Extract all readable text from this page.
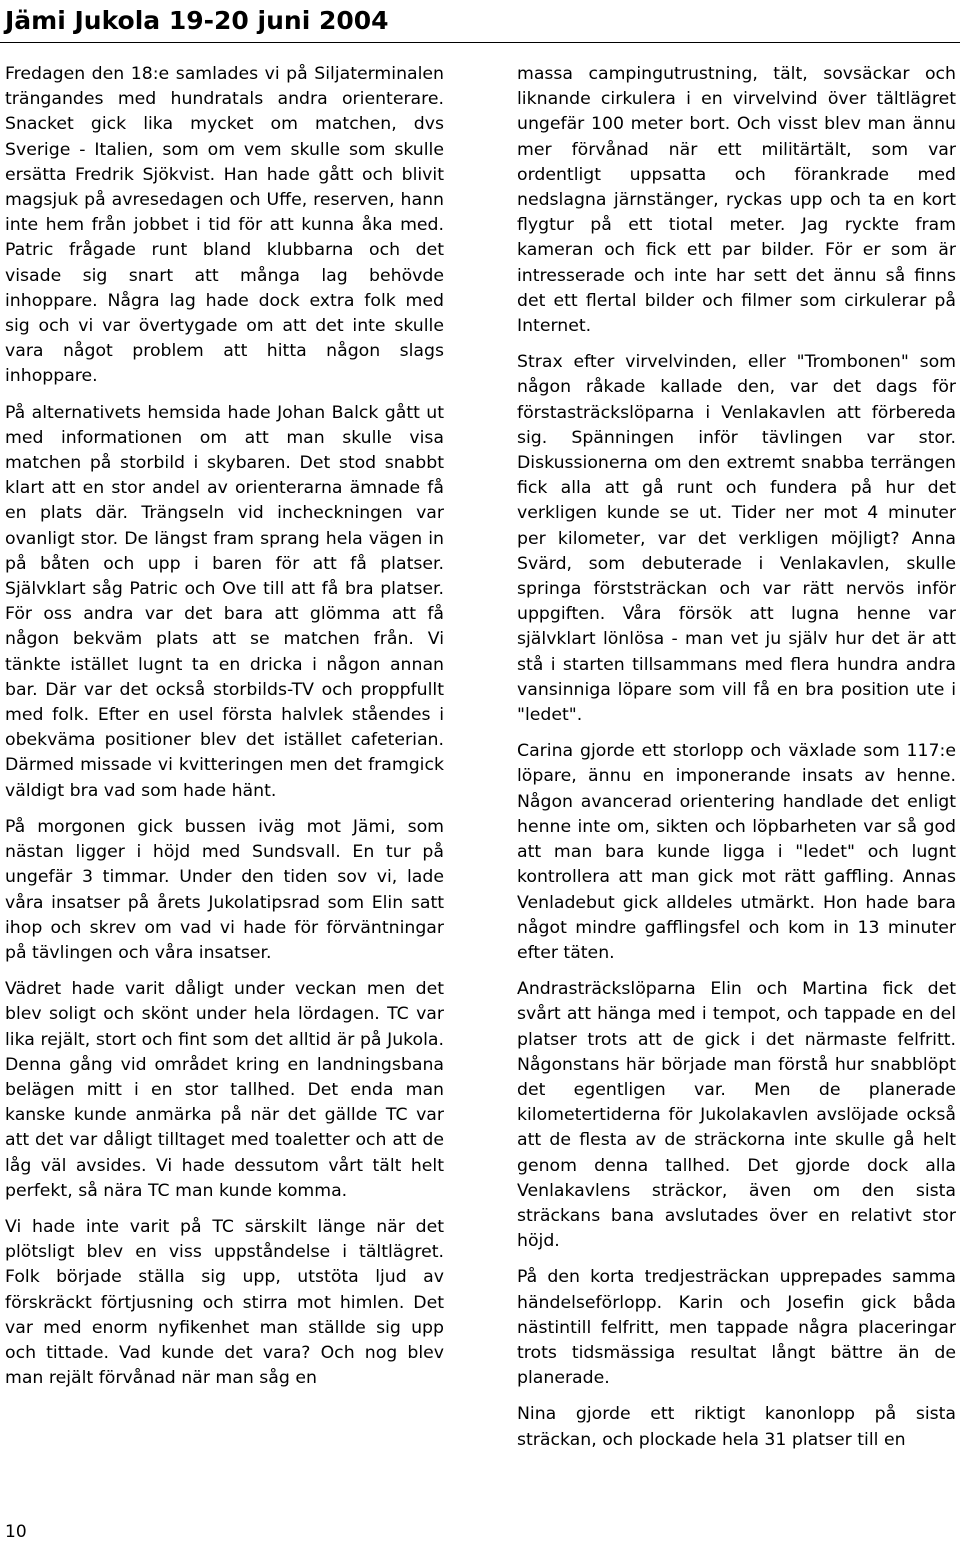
Jämi Jukola 19-20 juni 2004

Fredagen den 18:e samlades vi på Siljaterminalen trängandes med hundratals andra orienterare. Snacket gick lika mycket om matchen, dvs Sverige - Italien, som om vem skulle som skulle ersätta Fredrik Sjökvist. Han hade gått och blivit magsjuk på avresedagen och Uffe, reserven, hann inte hem från jobbet i tid för att kunna åka med. Patric frågade runt bland klubbarna och det visade sig snart att många lag behövde inhoppare. Några lag hade dock extra folk med sig och vi var övertygade om att det inte skulle vara något problem att hitta någon slags inhoppare.

På alternativets hemsida hade Johan Balck gått ut med informationen om att man skulle visa matchen på storbild i skybaren. Det stod snabbt klart att en stor andel av orienterarna ämnade få en plats där. Trängseln vid incheckningen var ovanligt stor. De längst fram sprang hela vägen in på båten och upp i baren för att få platser. Självklart såg Patric och Ove till att få bra platser. För oss andra var det bara att glömma att få någon bekväm plats att se matchen från. Vi tänkte istället lugnt ta en dricka i någon annan bar. Där var det också storbilds-TV och proppfullt med folk. Efter en usel första halvlek ståendes i obekväma positioner blev det istället cafeterian. Därmed missade vi kvitteringen men det framgick väldigt bra vad som hade hänt.

På morgonen gick bussen iväg mot Jämi, som nästan ligger i höjd med Sundsvall. En tur på ungefär 3 timmar. Under den tiden sov vi, lade våra insatser på årets Jukolatipsrad som Elin satt ihop och skrev om vad vi hade för förväntningar på tävlingen och våra insatser.

Vädret hade varit dåligt under veckan men det blev soligt och skönt under hela lördagen. TC var lika rejält, stort och fint som det alltid är på Jukola. Denna gång vid området kring en landningsbana belägen mitt i en stor tallhed. Det enda man kanske kunde anmärka på när det gällde TC var att det var dåligt tilltaget med toaletter och att de låg väl avsides. Vi hade dessutom vårt tält helt perfekt, så nära TC man kunde komma.

Vi hade inte varit på TC särskilt länge när det plötsligt blev en viss uppståndelse i tältlägret. Folk började ställa sig upp, utstöta ljud av förskräckt förtjusning och stirra mot himlen. Det var med enorm nyfikenhet man ställde sig upp och tittade. Vad kunde det vara? Och nog blev man rejält förvånad när man såg en

massa campingutrustning, tält, sovsäckar och liknande cirkulera i en virvelvind över tältlägret ungefär 100 meter bort. Och visst blev man ännu mer förvånad när ett militärtält, som var ordentligt uppsatta och förankrade med nedslagna järnstänger, ryckas upp och ta en kort flygtur på ett tiotal meter. Jag ryckte fram kameran och fick ett par bilder. För er som är intresserade och inte har sett det ännu så finns det ett flertal bilder och filmer som cirkulerar på Internet.

Strax efter virvelvinden, eller "Trombonen" som någon råkade kallade den, var det dags för förstasträckslöparna i Venlakavlen att förbereda sig. Spänningen inför tävlingen var stor. Diskussionerna om den extremt snabba terrängen fick alla att gå runt och fundera på hur det verkligen kunde se ut. Tider ner mot 4 minuter per kilometer, var det verkligen möjligt? Anna Svärd, som debuterade i Venlakavlen, skulle springa förststräckan och var rätt nervös inför uppgiften. Våra försök att lugna henne var självklart lönlösa - man vet ju själv hur det är att stå i starten tillsammans med flera hundra andra vansinniga löpare som vill få en bra position ute i "ledet".

Carina gjorde ett storlopp och växlade som 117:e löpare, ännu en imponerande insats av henne. Någon avancerad orientering handlade det enligt henne inte om, sikten och löpbarheten var så god att man bara kunde ligga i "ledet" och lugnt kontrollera att man gick mot rätt gaffling. Annas Venladebut gick alldeles utmärkt. Hon hade bara något mindre gafflingsfel och kom in 13 minuter efter täten.

Andrasträckslöparna Elin och Martina fick det svårt att hänga med i tempot, och tappade en del platser trots att de gick i det närmaste felfritt. Någonstans här började man förstå hur snabblöpt det egentligen var. Men de planerade kilometertiderna för Jukolakavlen avslöjade också att de flesta av de sträckorna inte skulle gå helt genom denna tallhed. Det gjorde dock alla Venlakavlens sträckor, även om den sista sträckans bana avslutades över en relativt stor höjd.

På den korta tredjesträckan upprepades samma händelseförlopp. Karin och Josefin gick båda nästintill felfritt, men tappade några placeringar trots tidsmässiga resultat långt bättre än de planerade.

Nina gjorde ett riktigt kanonlopp på sista sträckan, och plockade hela 31 platser till en

10
